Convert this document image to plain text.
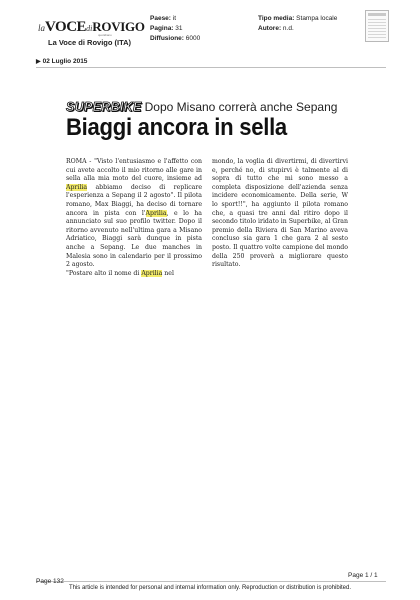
laVOCEdiROVIGO
quotidiano
La Voce di Rovigo (ITA)
Paese: it
Pagina: 31
Diffusione: 6000
Tipo media: Stampa locale
Autore: n.d.
▶ 02 Luglio 2015
SUPERBIKE Dopo Misano correrà anche Sepang
Biaggi ancora in sella

ROMA - "Visto l'entusiasmo e l'affetto con cui avete accolto il mio ritorno alle gare in sella alla mia moto del cuore, insieme ad Aprilia abbiamo deciso di replicare l'esperienza a Sepang il 2 agosto". Il pilota romano, Max Biaggi, ha deciso di tornare ancora in pista con l'Aprilia, e lo ha annunciato sul suo profilo twitter. Dopo il ritorno avvenuto nell'ultima gara a Misano Adriatico, Biaggi sarà dunque in pista anche a Sepang. Le due manches in Malesia sono in calendario per il prossimo 2 agosto.
"Postare alto il nome di Aprilia nel

mondo, la voglia di divertirmi, di divertirvi e, perché no, di stupirvi è talmente al di sopra di tutto che mi sono messo a completa disposizione dell'azienda senza incidere economicamente. Della serie, W lo sport!!", ha aggiunto il pilota romano che, a quasi tre anni dal ritiro dopo il secondo titolo iridato in Superbike, al Gran premio della Riviera di San Marino aveva concluso sia gara 1 che gara 2 al sesto posto. Il quattro volte campione del mondo della 250 proverà a migliorare questo risultato.

Page 1 / 1
Page 132
This article is intended for personal and internal information only. Reproduction or distribution is prohibited.
